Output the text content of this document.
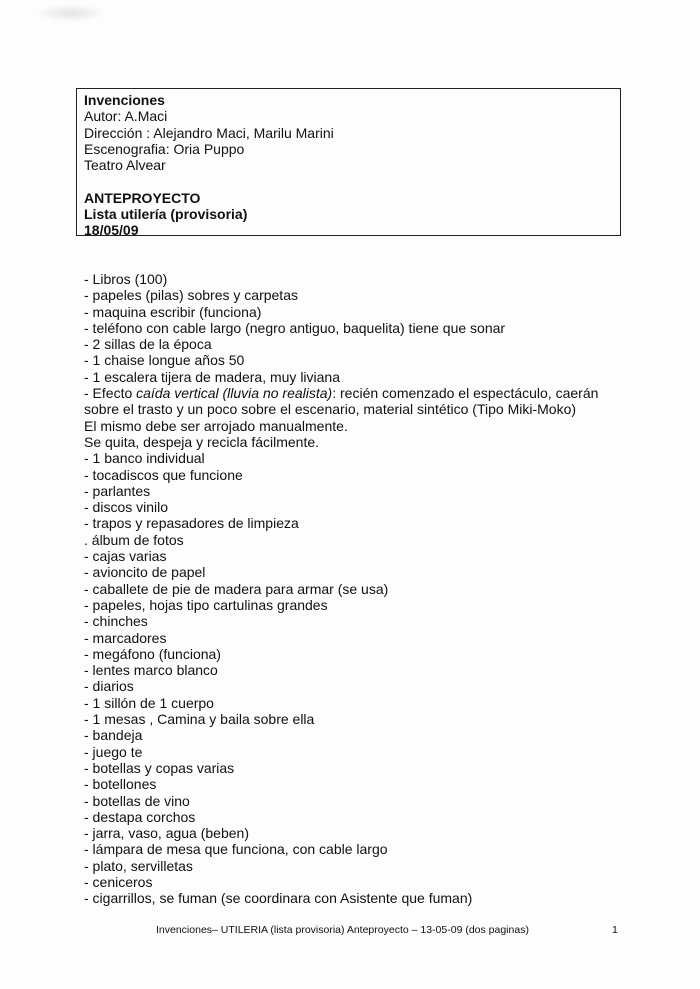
Invenciones
Autor: A.Maci
Dirección : Alejandro Maci, Marilu Marini
Escenografia: Oria Puppo
Teatro Alvear
ANTEPROYECTO
Lista utilería (provisoria)
18/05/09
- Libros (100)
- papeles (pilas) sobres y carpetas
- maquina escribir (funciona)
- teléfono con cable largo (negro antiguo, baquelita) tiene que sonar
- 2 sillas de la época
- 1 chaise longue años 50
- 1 escalera tijera de madera, muy liviana
- Efecto caída vertical (lluvia no realista): recién comenzado el espectáculo, caerán
sobre el trasto y un poco sobre el escenario, material sintético (Tipo Miki-Moko)
El mismo debe ser arrojado manualmente.
Se quita, despeja y recicla fácilmente.
- 1 banco individual
- tocadiscos que funcione
- parlantes
- discos vinilo
- trapos y repasadores de limpieza
. álbum de fotos
- cajas varias
- avioncito de papel
- caballete de pie de madera para armar (se usa)
- papeles, hojas tipo cartulinas grandes
- chinches
- marcadores
- megáfono (funciona)
- lentes marco blanco
- diarios
- 1 sillón de 1 cuerpo
- 1 mesas , Camina y baila sobre ella
- bandeja
- juego te
- botellas y copas varias
- botellones
- botellas de vino
- destapa corchos
- jarra, vaso, agua (beben)
- lámpara de mesa que funciona, con cable largo
- plato, servilletas
- ceniceros
- cigarrillos, se fuman (se coordinara con Asistente que fuman)
Invenciones– UTILERIA (lista provisoria) Anteproyecto – 13-05-09 (dos paginas)	1
